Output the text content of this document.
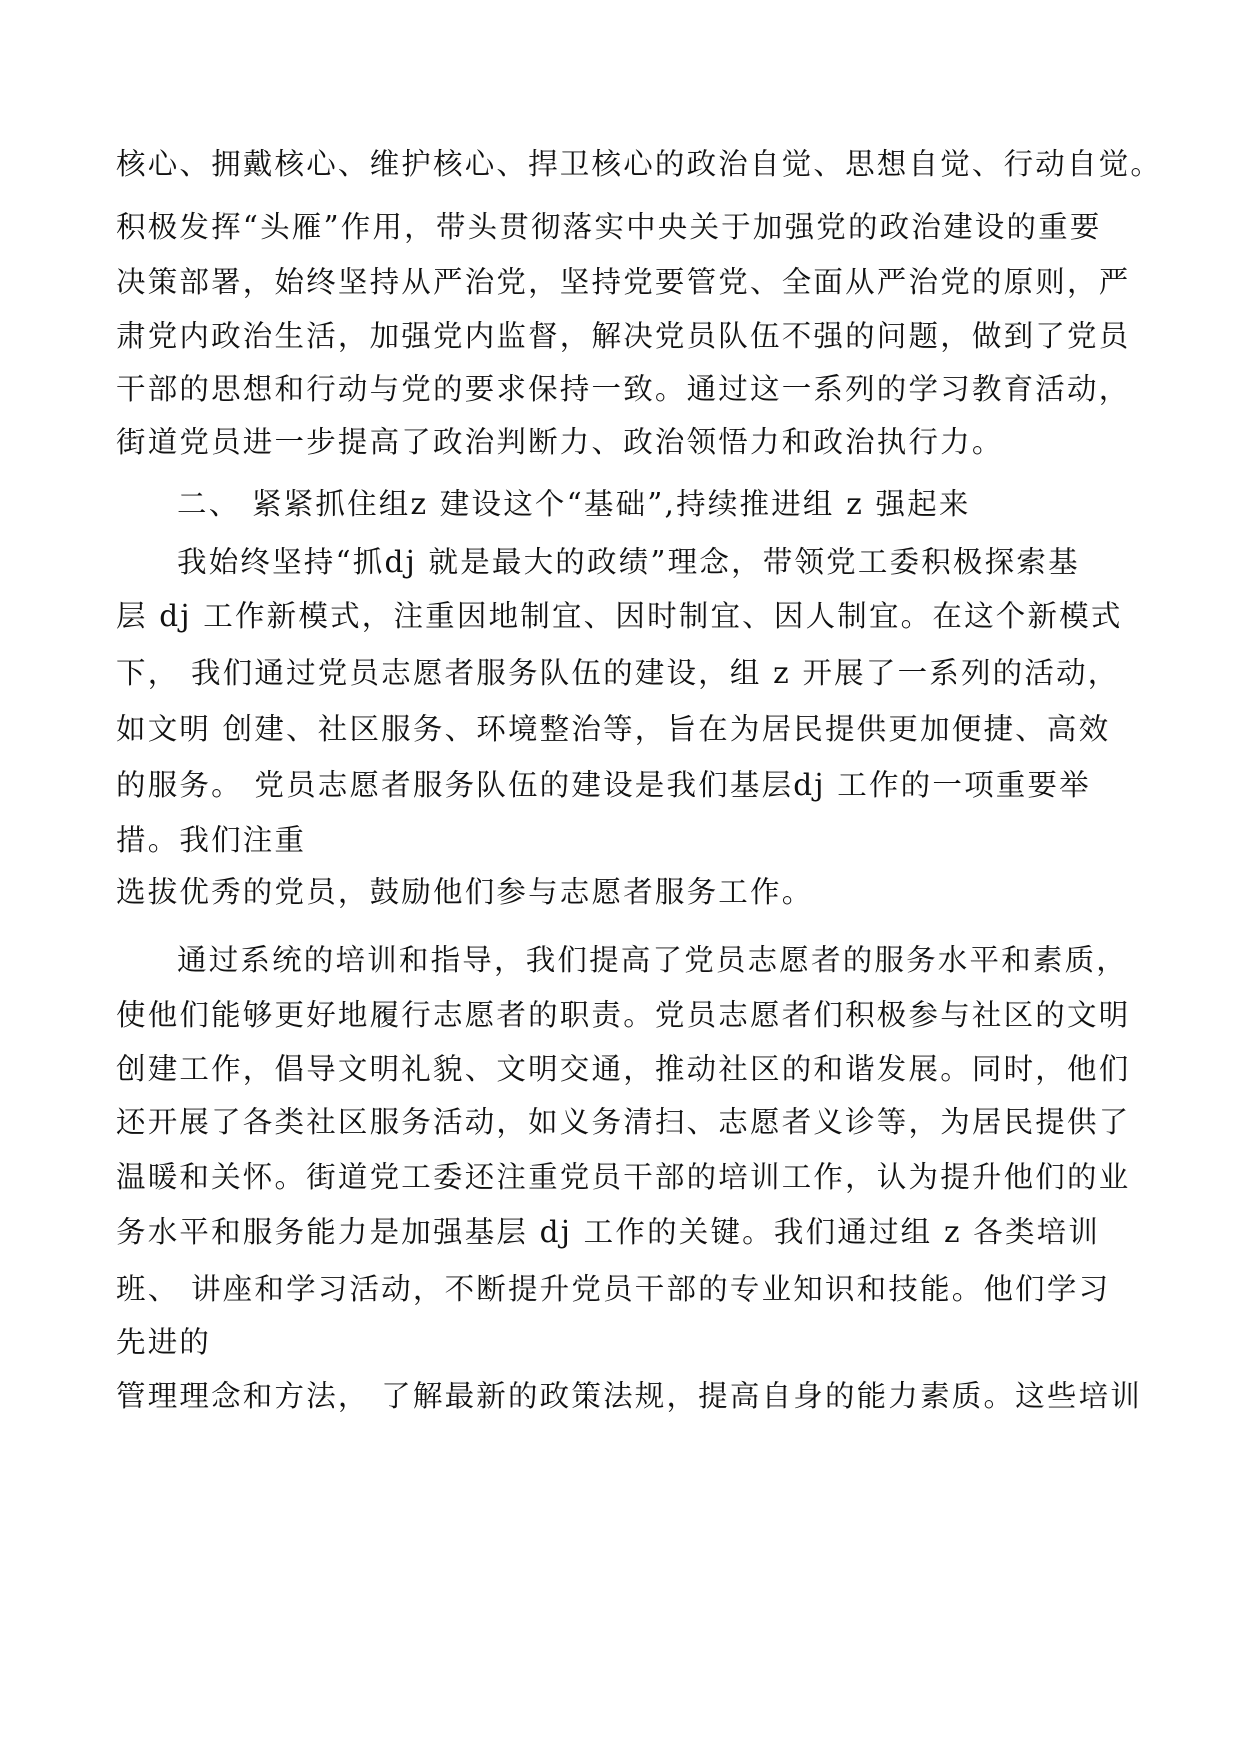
核心、拥戴核心、维护核心、捍卫核心的政治自觉、思想自觉、行动自觉。
积极发挥“头雁”作用，带头贯彻落实中央关于加强党的政治建设的重要
决策部署，始终坚持从严治党，坚持党要管党、全面从严治党的原则，严
肃党内政治生活，加强党内监督，解决党员队伍不强的问题，做到了党员
干部的思想和行动与党的要求保持一致。通过这一系列的学习教育活动，
街道党员进一步提高了政治判断力、政治领悟力和政治执行力。
二、 紧紧抓住组z 建设这个“基础”,持续推进组 z 强起来
我始终坚持“抓dj 就是最大的政绩”理念，带领党工委积极探索基
层 dj 工作新模式，注重因地制宜、因时制宜、因人制宜。在这个新模式
下， 我们通过党员志愿者服务队伍的建设，组 z 开展了一系列的活动，
如文明 创建、社区服务、环境整治等，旨在为居民提供更加便捷、高效
的服务。 党员志愿者服务队伍的建设是我们基层dj 工作的一项重要举
措。我们注重
选拔优秀的党员，鼓励他们参与志愿者服务工作。
通过系统的培训和指导，我们提高了党员志愿者的服务水平和素质，
使他们能够更好地履行志愿者的职责。党员志愿者们积极参与社区的文明
创建工作，倡导文明礼貌、文明交通，推动社区的和谐发展。同时，他们
还开展了各类社区服务活动，如义务清扫、志愿者义诊等，为居民提供了
温暖和关怀。街道党工委还注重党员干部的培训工作，认为提升他们的业
务水平和服务能力是加强基层 dj 工作的关键。我们通过组 z 各类培训
班、 讲座和学习活动，不断提升党员干部的专业知识和技能。他们学习
先进的
管理理念和方法， 了解最新的政策法规，提高自身的能力素质。这些培训
